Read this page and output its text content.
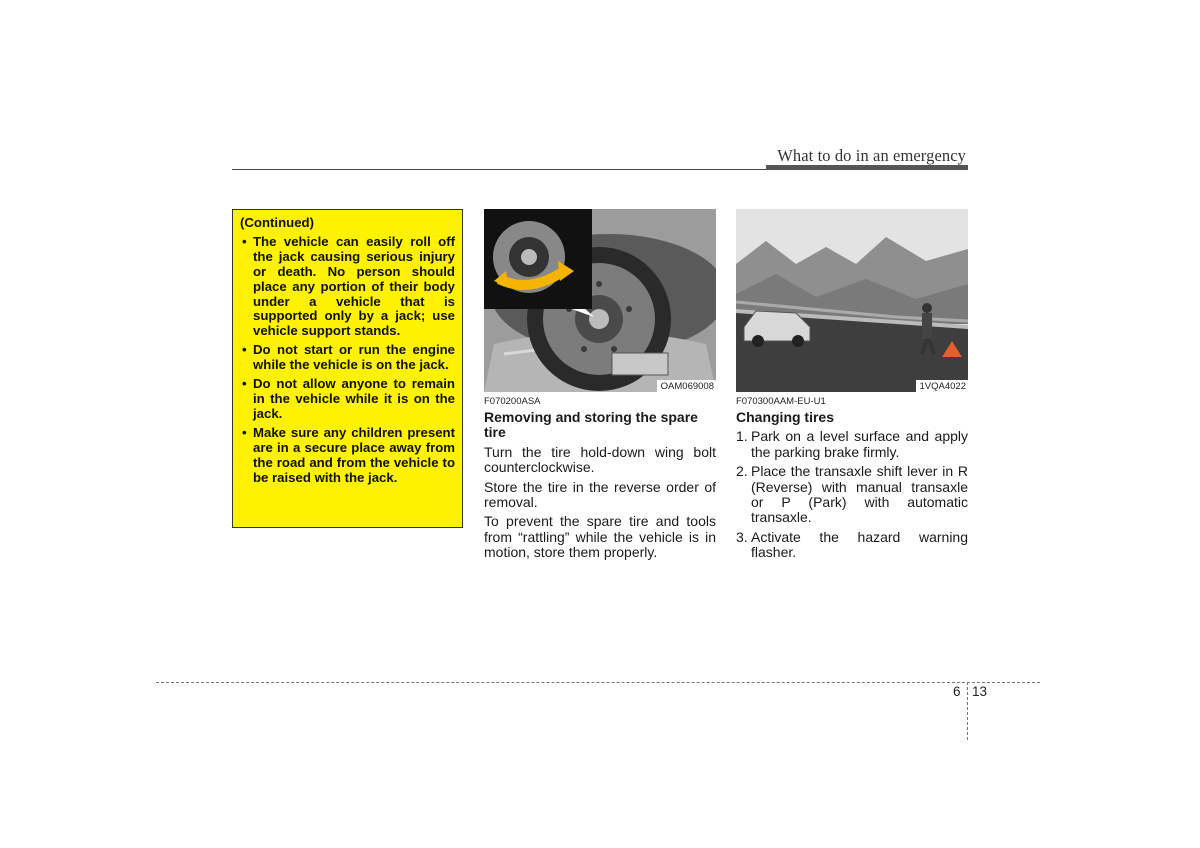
What to do in an emergency
(Continued)
• The vehicle can easily roll off the jack causing serious injury or death. No person should place any portion of their body under a vehicle that is supported only by a jack; use vehicle support stands.
• Do not start or run the engine while the vehicle is on the jack.
• Do not allow anyone to remain in the vehicle while it is on the jack.
• Make sure any children present are in a secure place away from the road and from the vehicle to be raised with the jack.
OAM069008	1VQA4022
F070200ASA
Removing and storing the spare tire

Turn the tire hold-down wing bolt counterclockwise.

Store the tire in the reverse order of removal.

To prevent the spare tire and tools from “rattling” while the vehicle is in motion, store them properly.

F070300AAM-EU-U1
Changing tires
1. Park on a level surface and apply the parking brake firmly.
2. Place the transaxle shift lever in R (Reverse) with manual transaxle or P (Park) with automatic transaxle.
3. Activate the hazard warning flasher.
6 13
